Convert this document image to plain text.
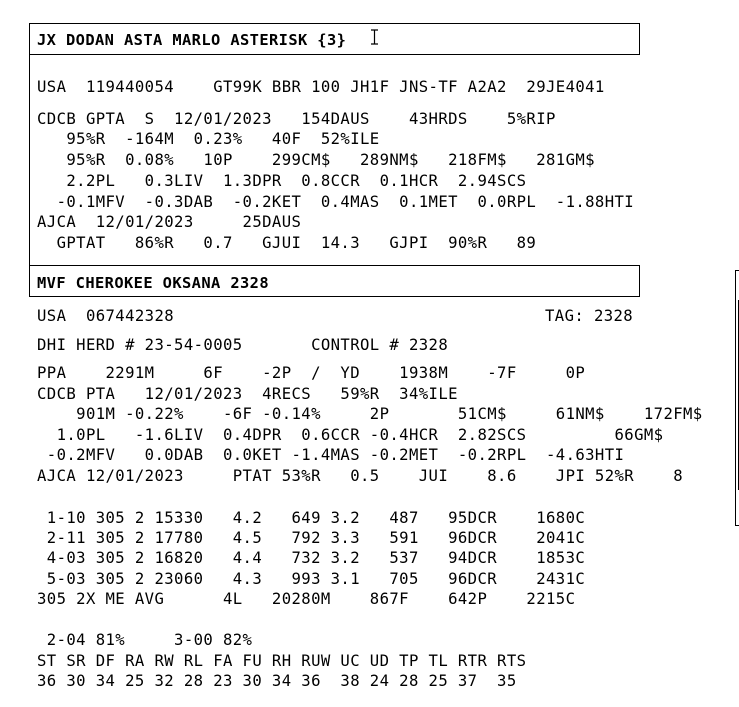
JX DODAN ASTA MARLO ASTERISK {3}
USA  119440054    GT99K BBR 100 JH1F JNS-TF A2A2  29JE4041
CDCB GPTA  S  12/01/2023   154DAUS    43HRDS    5%RIP
95%R  -164M  0.23%   40F  52%ILE
95%R  0.08%   10P    299CM$   289NM$   218FM$   281GM$
2.2PL   0.3LIV  1.3DPR  0.8CCR  0.1HCR  2.94SCS
-0.1MFV  -0.3DAB  -0.2KET  0.4MAS  0.1MET  0.0RPL  -1.88HTI
AJCA  12/01/2023     25DAUS
GPTAT   86%R   0.7   GJUI  14.3   GJPI  90%R   89
MVF CHEROKEE OKSANA 2328
USA  067442328	TAG: 2328
DHI HERD # 23-54-0005       CONTROL # 2328
PPA    2291M     6F    -2P  /  YD    1938M    -7F     0P
CDCB PTA   12/01/2023  4RECS   59%R  34%ILE
901M -0.22%    -6F -0.14%     2P       51CM$     61NM$    172FM$
1.0PL   -1.6LIV  0.4DPR  0.6CCR -0.4HCR  2.82SCS         66GM$
-0.2MFV   0.0DAB  0.0KET -1.4MAS -0.2MET  -0.2RPL  -4.63HTI
AJCA 12/01/2023     PTAT 53%R   0.5    JUI    8.6    JPI 52%R    8
1-10 305 2 15330   4.2   649 3.2   487   95DCR    1680C
2-11 305 2 17780   4.5   792 3.3   591   96DCR    2041C
4-03 305 2 16820   4.4   732 3.2   537   94DCR    1853C
5-03 305 2 23060   4.3   993 3.1   705   96DCR    2431C
305 2X ME AVG      4L   20280M    867F    642P    2215C
2-04 81%     3-00 82%
ST SR DF RA RW RL FA FU RH RUW UC UD TP TL RTR RTS
36 30 34 25 32 28 23 30 34 36  38 24 28 25 37  35
